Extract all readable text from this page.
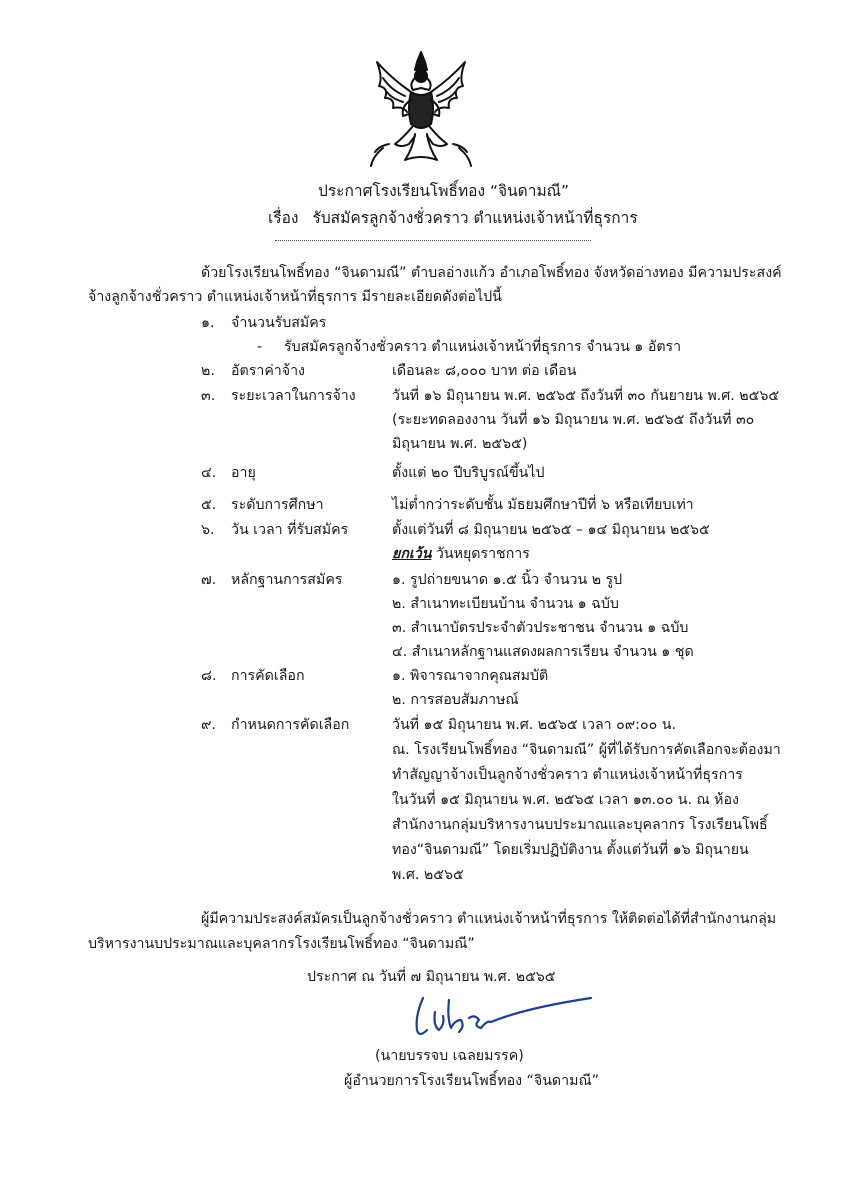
ประกาศโรงเรียนโพธิ์ทอง “จินดามณี”
เรื่อง รับสมัครลูกจ้างชั่วคราว ตำแหน่งเจ้าหน้าที่ธุรการ
ด้วยโรงเรียนโพธิ์ทอง “จินดามณี” ตำบลอ่างแก้ว อำเภอโพธิ์ทอง จังหวัดอ่างทอง มีความประสงค์
จ้างลูกจ้างชั่วคราว ตำแหน่งเจ้าหน้าที่ธุรการ มีรายละเอียดดังต่อไปนี้
๑. จำนวนรับสมัคร
- รับสมัครลูกจ้างชั่วคราว ตำแหน่งเจ้าหน้าที่ธุรการ จำนวน ๑ อัตรา
๒. อัตราค่าจ้าง	เดือนละ ๘,๐๐๐ บาท ต่อ เดือน
๓. ระยะเวลาในการจ้าง	วันที่ ๑๖ มิถุนายน พ.ศ. ๒๕๖๕ ถึงวันที่ ๓๐ กันยายน พ.ศ. ๒๕๖๕
(ระยะทดลองงาน วันที่ ๑๖ มิถุนายน พ.ศ. ๒๕๖๕ ถึงวันที่ ๓๐
มิถุนายน พ.ศ. ๒๕๖๕)
๔. อายุ	ตั้งแต่ ๒๐ ปีบริบูรณ์ขึ้นไป
๕. ระดับการศึกษา	ไม่ต่ำกว่าระดับชั้น มัธยมศึกษาปีที่ ๖ หรือเทียบเท่า
๖. วัน เวลา ที่รับสมัคร	ตั้งแต่วันที่ ๘ มิถุนายน ๒๕๖๕ – ๑๔ มิถุนายน ๒๕๖๕
ยกเว้น วันหยุดราชการ
๗. หลักฐานการสมัคร	๑. รูปถ่ายขนาด ๑.๕ นิ้ว จำนวน ๒ รูป
๒. สำเนาทะเบียนบ้าน จำนวน ๑ ฉบับ
๓. สำเนาบัตรประจำตัวประชาชน จำนวน ๑ ฉบับ
๔. สำเนาหลักฐานแสดงผลการเรียน จำนวน ๑ ชุด
๘. การคัดเลือก	๑. พิจารณาจากคุณสมบัติ
๒. การสอบสัมภาษณ์
๙. กำหนดการคัดเลือก	วันที่ ๑๕ มิถุนายน พ.ศ. ๒๕๖๕ เวลา ๐๙:๐๐ น.
ณ. โรงเรียนโพธิ์ทอง “จินดามณี” ผู้ที่ได้รับการคัดเลือกจะต้องมา
ทำสัญญาจ้างเป็นลูกจ้างชั่วคราว ตำแหน่งเจ้าหน้าที่ธุรการ
ในวันที่ ๑๕ มิถุนายน พ.ศ. ๒๕๖๕ เวลา ๑๓.๐๐ น. ณ ห้อง
สำนักงานกลุ่มบริหารงานบประมาณและบุคลากร โรงเรียนโพธิ์
ทอง“จินดามณี” โดยเริ่มปฏิบัติงาน ตั้งแต่วันที่ ๑๖ มิถุนายน
พ.ศ. ๒๕๖๕
ผู้มีความประสงค์สมัครเป็นลูกจ้างชั่วคราว ตำแหน่งเจ้าหน้าที่ธุรการ ให้ติดต่อได้ที่สำนักงานกลุ่ม
บริหารงานบประมาณและบุคลากรโรงเรียนโพธิ์ทอง “จินดามณี”
ประกาศ ณ วันที่ ๗ มิถุนายน พ.ศ. ๒๕๖๕
(นายบรรจบ เฉลยมรรค)
ผู้อำนวยการโรงเรียนโพธิ์ทอง “จินดามณี”
